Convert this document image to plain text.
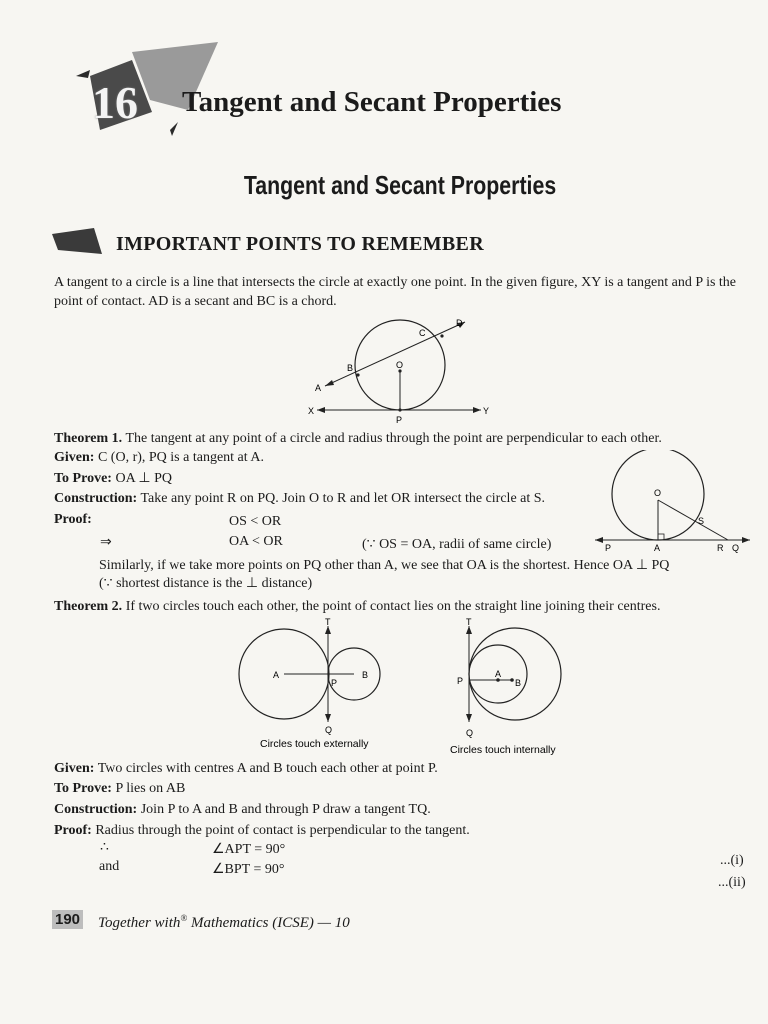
16 Tangent and Secant Properties
Tangent and Secant Properties
IMPORTANT POINTS TO REMEMBER
A tangent to a circle is a line that intersects the circle at exactly one point. In the given figure, XY is a tangent and P is the point of contact. AD is a secant and BC is a chord.
D
C
B	O
A
X	Y
P
Theorem 1. The tangent at any point of a circle and radius through the point are perpendicular to each other.
Given: C (O, r), PQ is a tangent at A.
To Prove: OA ⊥ PQ
Construction: Take any point R on PQ. Join O to R and let OR intersect the circle at S.
Proof:	OS < OR
⇒	OA < OR	(∵ OS = OA, radii of same circle)
Similarly, if we take more points on PQ other than A, we see that OA is the shortest. Hence OA ⊥ PQ
(∵ shortest distance is the ⊥ distance)
O
S
P	A	R Q
Theorem 2. If two circles touch each other, the point of contact lies on the straight line joining their centres.
T
A
P
B
Q
Circles touch externally
T
P
A
B
Q
Circles touch internally
Given: Two circles with centres A and B touch each other at point P.
To Prove: P lies on AB
Construction: Join P to A and B and through P draw a tangent TQ.
Proof: Radius through the point of contact is perpendicular to the tangent.
∴	∠APT = 90°
...(i)
and	∠BPT = 90°
...(ii)
190 Together with® Mathematics (ICSE) — 10
